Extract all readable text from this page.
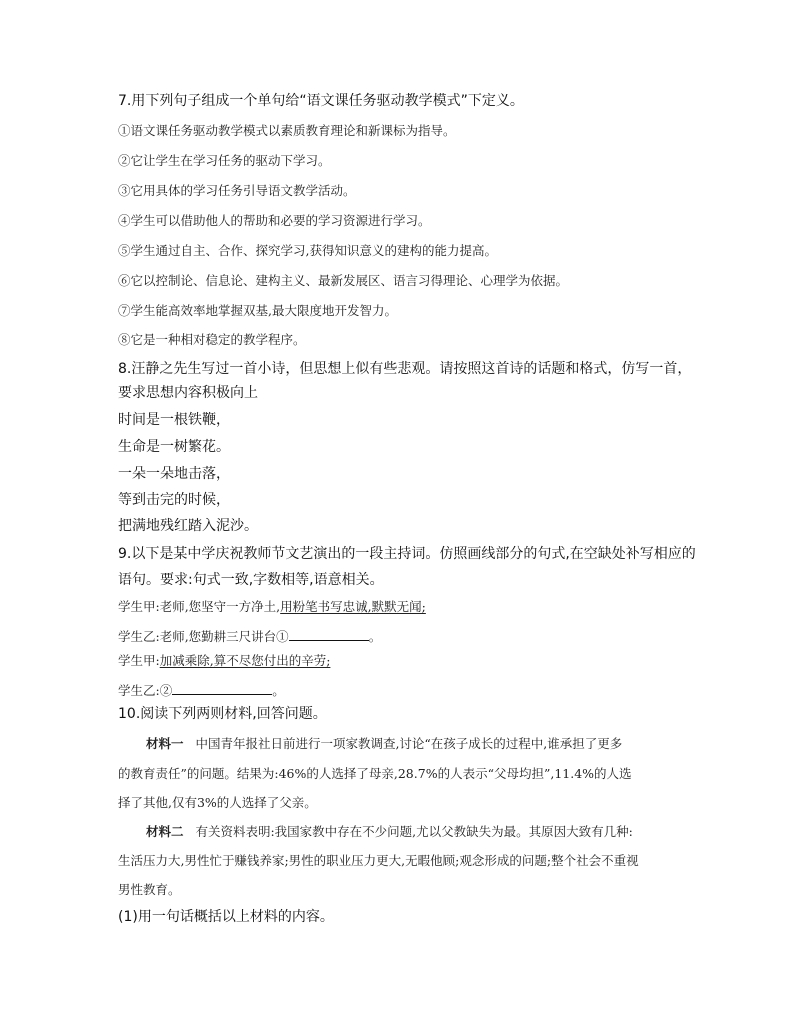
7.用下列句子组成一个单句给“语文课任务驱动教学模式”下定义。
①语文课任务驱动教学模式以素质教育理论和新课标为指导。
②它让学生在学习任务的驱动下学习。
③它用具体的学习任务引导语文教学活动。
④学生可以借助他人的帮助和必要的学习资源进行学习。
⑤学生通过自主、合作、探究学习,获得知识意义的建构的能力提高。
⑥它以控制论、信息论、建构主义、最新发展区、语言习得理论、心理学为依据。
⑦学生能高效率地掌握双基,最大限度地开发智力。
⑧它是一种相对稳定的教学程序。
8.汪静之先生写过一首小诗，但思想上似有些悲观。请按照这首诗的话题和格式，仿写一首，
要求思想内容积极向上
时间是一根铁鞭，
生命是一树繁花。
一朵一朵地击落，
等到击完的时候，
把满地残红踏入泥沙。
9.以下是某中学庆祝教师节文艺演出的一段主持词。仿照画线部分的句式,在空缺处补写相应的
语句。要求:句式一致,字数相等,语意相关。
学生甲:老师,您坚守一方净土,用粉笔书写忠诚,默默无闻;
学生乙:老师,您勤耕三尺讲台①	。
学生甲:加减乘除,算不尽您付出的辛劳;
学生乙:②	。
10.阅读下列两则材料,回答问题。
材料一 中国青年报社日前进行一项家教调查,讨论“在孩子成长的过程中,谁承担了更多
的教育责任”的问题。结果为:46%的人选择了母亲,28.7%的人表示“父母均担”,11.4%的人选
择了其他,仅有3%的人选择了父亲。
材料二 有关资料表明:我国家教中存在不少问题,尤以父教缺失为最。其原因大致有几种:
生活压力大,男性忙于赚钱养家;男性的职业压力更大,无暇他顾;观念形成的问题;整个社会不重视
男性教育。
(1)用一句话概括以上材料的内容。
